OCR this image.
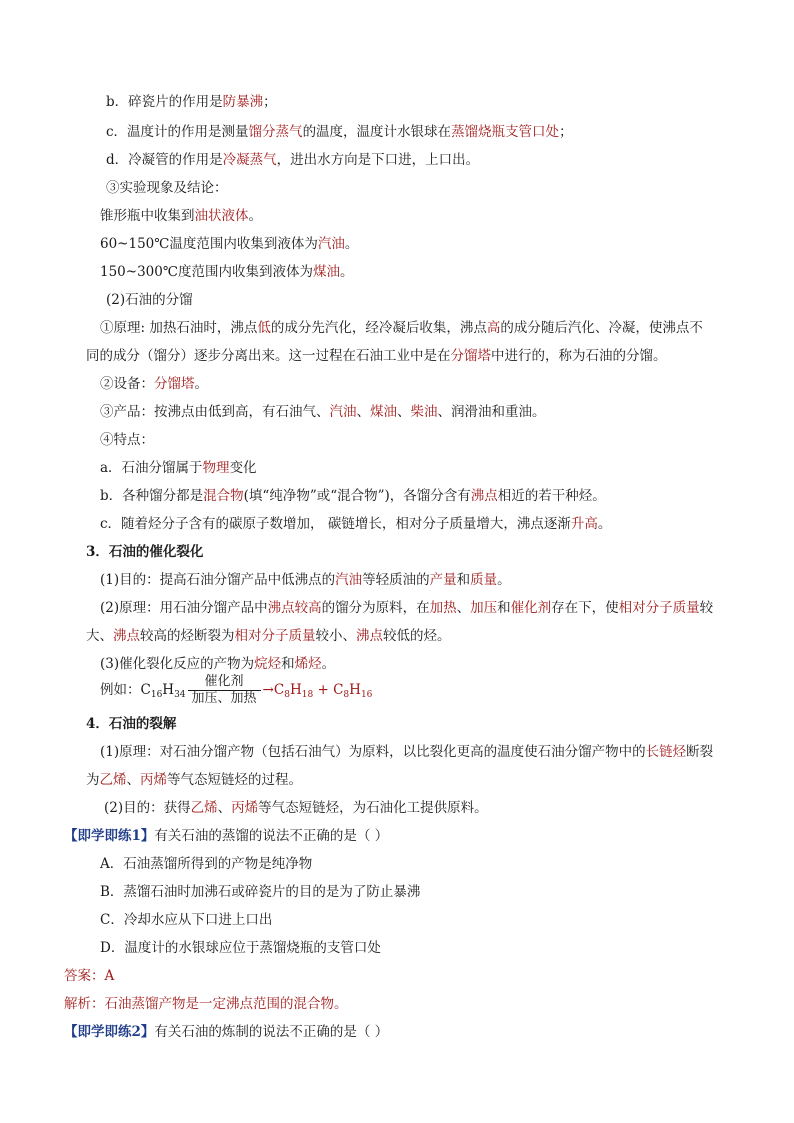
b．碎瓷片的作用是防暴沸；
c．温度计的作用是测量馏分蒸气的温度，温度计水银球在蒸馏烧瓶支管口处；
d．冷凝管的作用是冷凝蒸气，进出水方向是下口进，上口出。
③实验现象及结论：
锥形瓶中收集到油状液体。
60~150℃温度范围内收集到液体为汽油。
150~300℃度范围内收集到液体为煤油。
(2)石油的分馏
①原理: 加热石油时，沸点低的成分先汽化，经冷凝后收集，沸点高的成分随后汽化、冷凝，使沸点不
同的成分（馏分）逐步分离出来。这一过程在石油工业中是在分馏塔中进行的，称为石油的分馏。
②设备：分馏塔。
③产品：按沸点由低到高，有石油气、汽油、煤油、柴油、润滑油和重油。
④特点：
a．石油分馏属于物理变化
b．各种馏分都是混合物(填“纯净物”或“混合物”)，各馏分含有沸点相近的若干种烃。
c．随着烃分子含有的碳原子数增加， 碳链增长，相对分子质量增大，沸点逐渐升高。
3．石油的催化裂化
(1)目的：提高石油分馏产品中低沸点的汽油等轻质油的产量和质量。
(2)原理：用石油分馏产品中沸点较高的馏分为原料，在加热、加压和催化剂存在下，使相对分子质量较
大、沸点较高的烃断裂为相对分子质量较小、沸点较低的烃。
(3)催化裂化反应的产物为烷烃和烯烃。
例如：$C_{16}H_{34} \frac{\text{催化剂}}{\text{加压、加热}} \to C_8H_{18} + C_8H_{16}$
4．石油的裂解
(1)原理：对石油分馏产物（包括石油气）为原料，以比裂化更高的温度使石油分馏产物中的长链烃断裂
为乙烯、丙烯等气态短链烃的过程。
(2)目的：获得乙烯、丙烯等气态短链烃，为石油化工提供原料。
【即学即练1】有关石油的蒸馏的说法不正确的是（ ）
A．石油蒸馏所得到的产物是纯净物
B．蒸馏石油时加沸石或碎瓷片的目的是为了防止暴沸
C．冷却水应从下口进上口出
D．温度计的水银球应位于蒸馏烧瓶的支管口处
答案：A
解析：石油蒸馏产物是一定沸点范围的混合物。
【即学即练2】有关石油的炼制的说法不正确的是（ ）
